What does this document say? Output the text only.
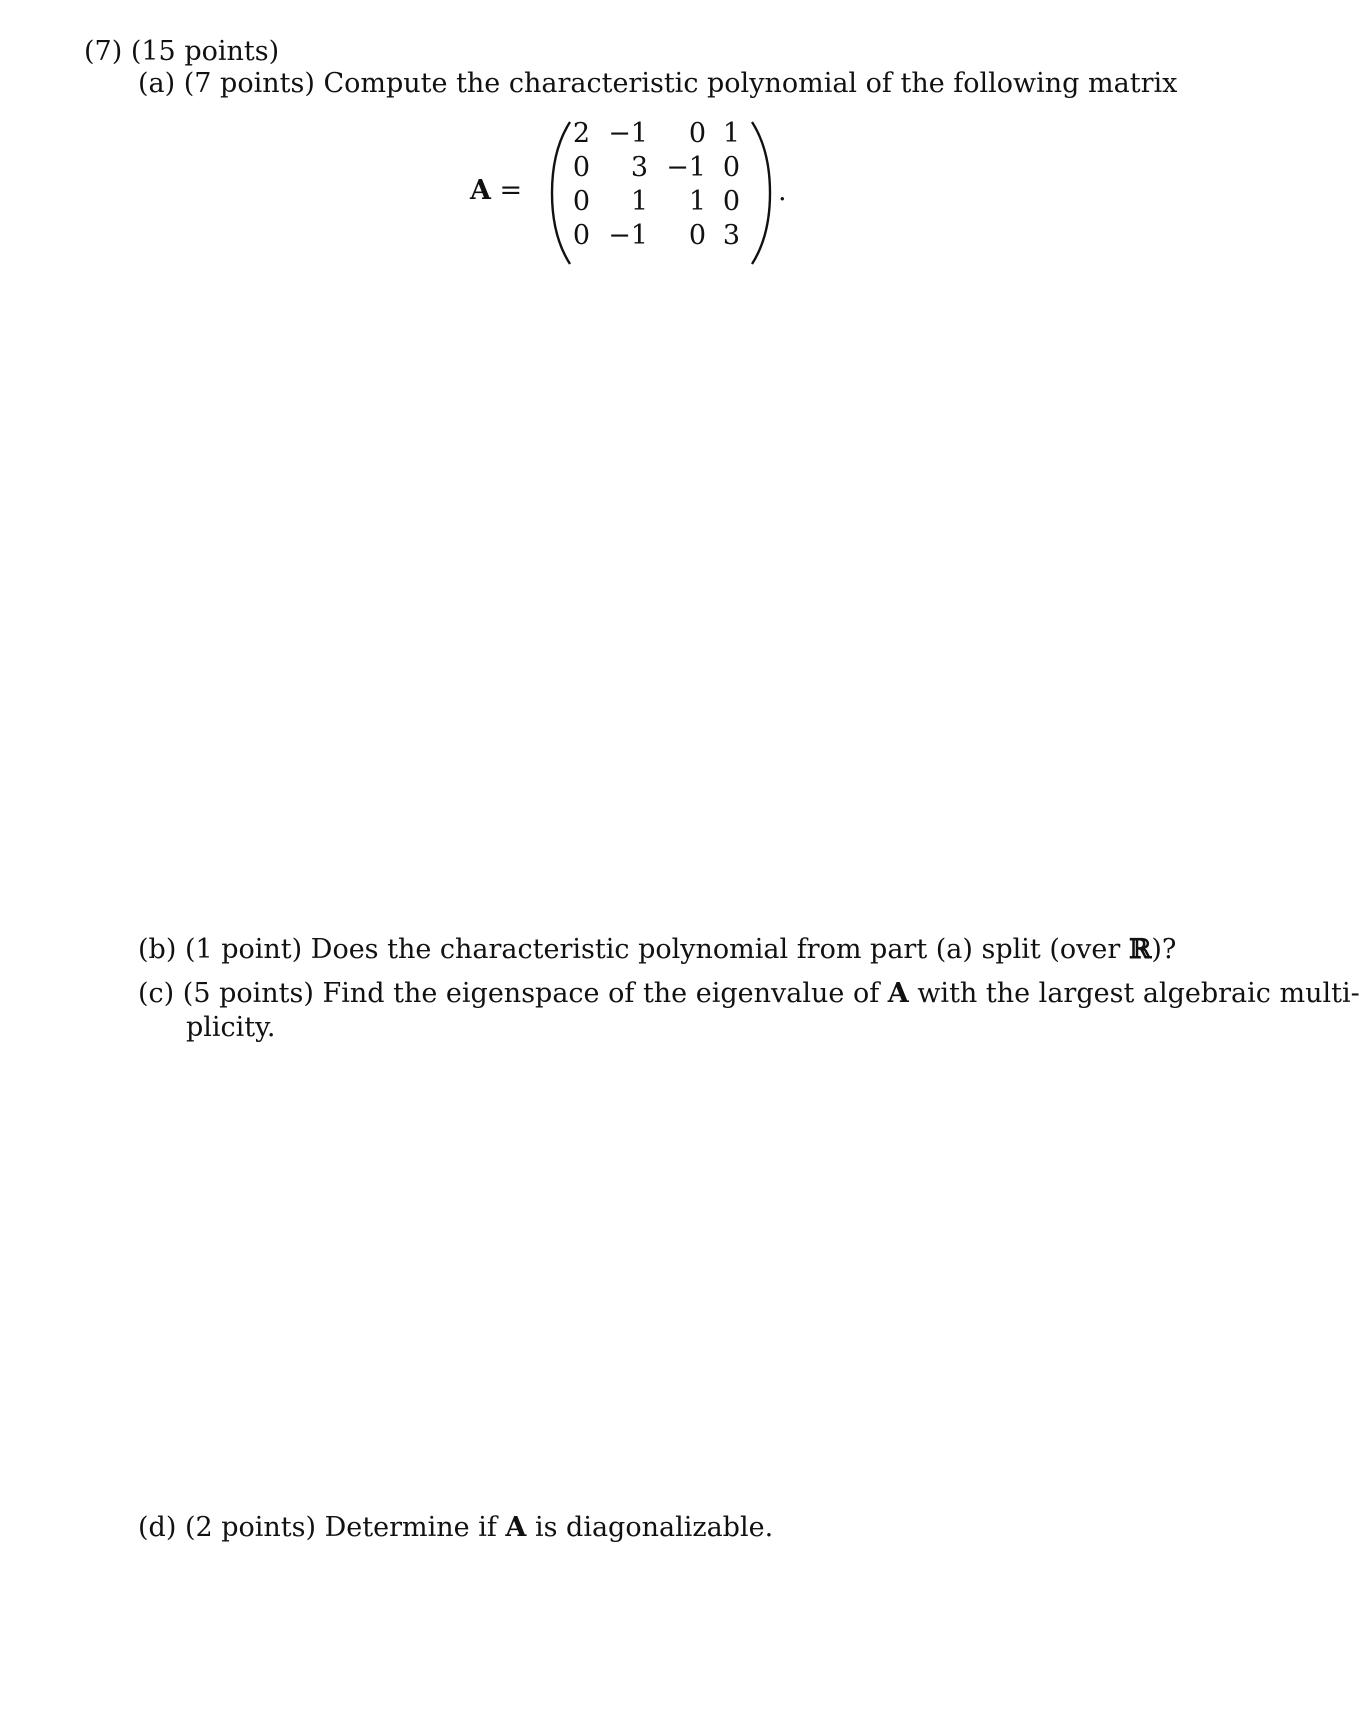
(7) (15 points)
(a) (7 points) Compute the characteristic polynomial of the following matrix
A =
2 −1	0 1
0	3 −1 0
0	1	1 0
0 −1	0 3
.
(b) (1 point) Does the characteristic polynomial from part (a) split (over ℝ)?
(c) (5 points) Find the eigenspace of the eigenvalue of A with the largest algebraic multi-
plicity.
(d) (2 points) Determine if A is diagonalizable.
